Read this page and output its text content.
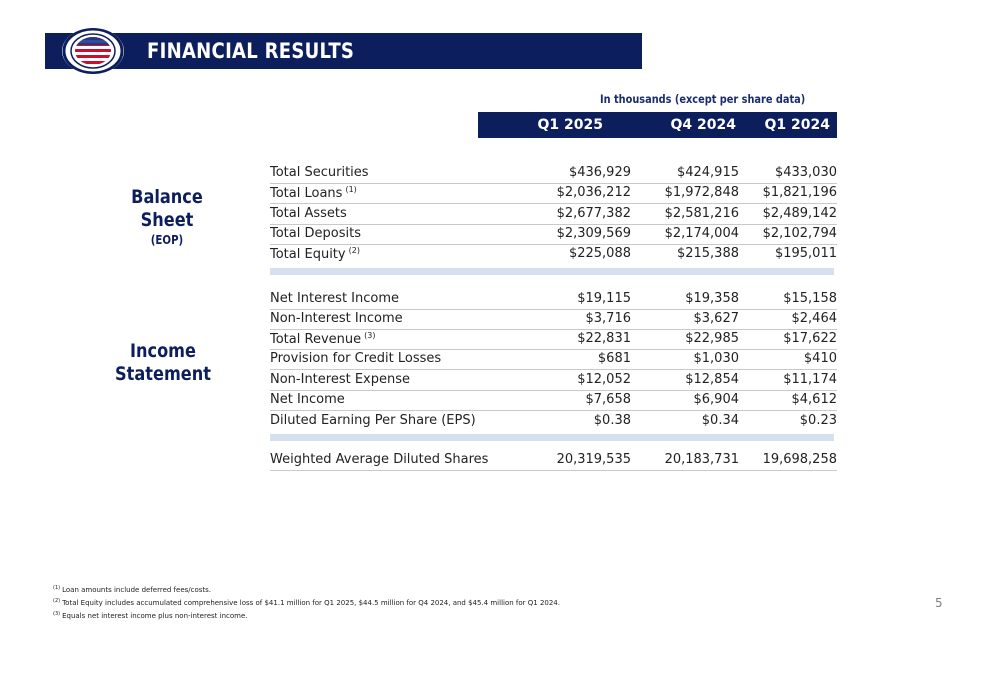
FINANCIAL RESULTS
In thousands (except per share data)
Q1 2025	Q4 2024	Q1 2024
Balance
Sheet
(EOP)
Income
Statement
Total Securities	$436,929	$424,915	$433,030
Total Loans $^{(1)}$	$2,036,212	$1,972,848	$1,821,196
Total Assets	$2,677,382	$2,581,216	$2,489,142
Total Deposits	$2,309,569	$2,174,004	$2,102,794
Total Equity $^{(2)}$	$225,088	$215,388	$195,011
Net Interest Income	$19,115	$19,358	$15,158
Non-Interest Income	$3,716	$3,627	$2,464
Total Revenue $^{(3)}$	$22,831	$22,985	$17,622
Provision for Credit Losses	$681	$1,030	$410
Non-Interest Expense	$12,052	$12,854	$11,174
Net Income	$7,658	$6,904	$4,612
Diluted Earning Per Share (EPS)	$0.38	$0.34	$0.23
Weighted Average Diluted Shares	20,319,535	20,183,731	19,698,258
$^{(1)}$ Loan amounts include deferred fees/costs.
$^{(2)}$ Total Equity includes accumulated comprehensive loss of $41.1 million for Q1 2025, $44.5 million for Q4 2024, and $45.4 million for Q1 2024.
$^{(3)}$ Equals net interest income plus non-interest income.
5
